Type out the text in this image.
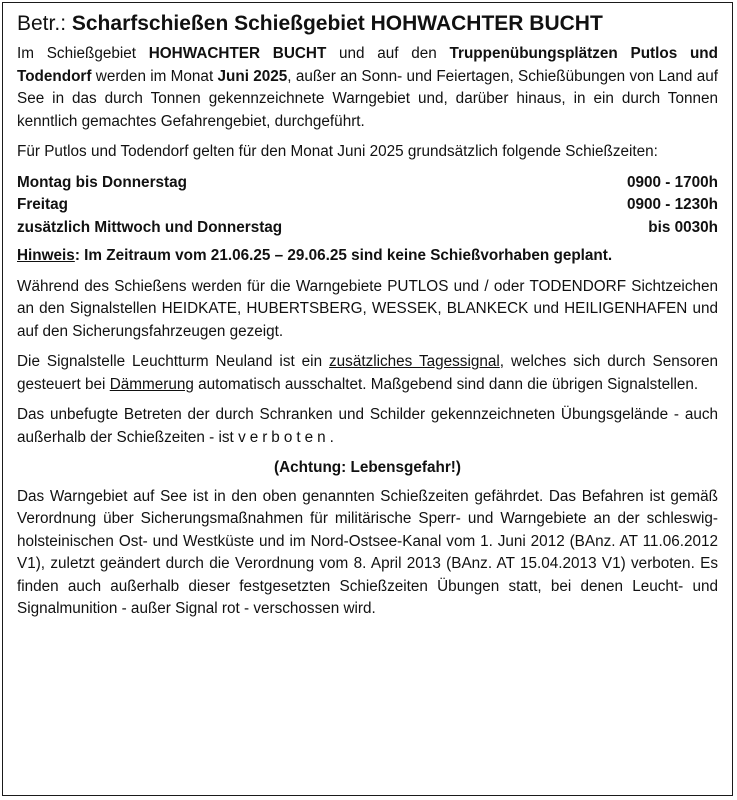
Betr.: Scharfschießen Schießgebiet HOHWACHTER BUCHT
Im Schießgebiet HOHWACHTER BUCHT und auf den Truppenübungsplätzen Putlos und Todendorf werden im Monat Juni 2025, außer an Sonn- und Feiertagen, Schießübungen von Land auf See in das durch Tonnen gekennzeichnete Warngebiet und, darüber hinaus, in ein durch Tonnen kenntlich gemachtes Gefahrengebiet, durchgeführt.
Für Putlos und Todendorf gelten für den Monat Juni 2025 grundsätzlich folgende Schießzeiten:
Montag bis Donnerstag	0900 - 1700h
Freitag	0900 - 1230h
zusätzlich Mittwoch und Donnerstag	bis 0030h
Hinweis: Im Zeitraum vom 21.06.25 – 29.06.25 sind keine Schießvorhaben geplant.
Während des Schießens werden für die Warngebiete PUTLOS und / oder TODENDORF Sichtzeichen an den Signalstellen HEIDKATE, HUBERTSBERG, WESSEK, BLANKECK und HEILIGENHAFEN und auf den Sicherungsfahrzeugen gezeigt.
Die Signalstelle Leuchtturm Neuland ist ein zusätzliches Tagessignal, welches sich durch Sensoren gesteuert bei Dämmerung automatisch ausschaltet. Maßgebend sind dann die übrigen Signalstellen.
Das unbefugte Betreten der durch Schranken und Schilder gekennzeichneten Übungsgelände - auch außerhalb der Schießzeiten - ist verboten.
(Achtung: Lebensgefahr!)
Das Warngebiet auf See ist in den oben genannten Schießzeiten gefährdet. Das Befahren ist gemäß Verordnung über Sicherungsmaßnahmen für militärische Sperr- und Warngebiete an der schleswig-holsteinischen Ost- und Westküste und im Nord-Ostsee-Kanal vom 1. Juni 2012 (BAnz. AT 11.06.2012 V1), zuletzt geändert durch die Verordnung vom 8. April 2013 (BAnz. AT 15.04.2013 V1) verboten. Es finden auch außerhalb dieser festgesetzten Schießzeiten Übungen statt, bei denen Leucht- und Signalmunition - außer Signal rot - verschossen wird.
